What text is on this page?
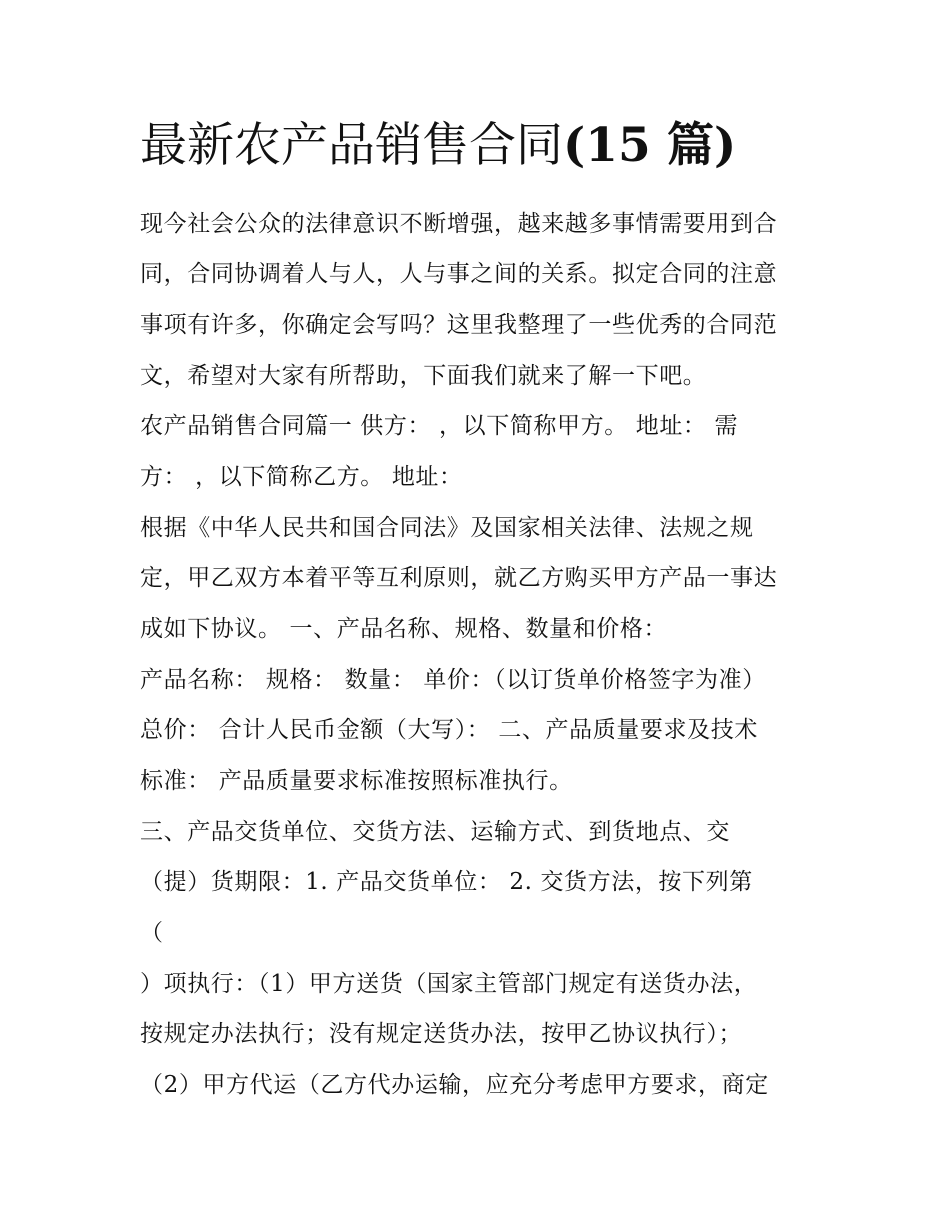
最新农产品销售合同(15 篇)
现今社会公众的法律意识不断增强，越来越多事情需要用到合
同，合同协调着人与人，人与事之间的关系。拟定合同的注意
事项有许多，你确定会写吗？这里我整理了一些优秀的合同范
文，希望对大家有所帮助，下面我们就来了解一下吧。
农产品销售合同篇一 供方： ，以下简称甲方。 地址： 需
方： ，以下简称乙方。 地址：
根据《中华人民共和国合同法》及国家相关法律、法规之规
定，甲乙双方本着平等互利原则，就乙方购买甲方产品一事达
成如下协议。 一、产品名称、规格、数量和价格：
产品名称： 规格： 数量： 单价：（以订货单价格签字为准）
总价： 合计人民币金额（大写）： 二、产品质量要求及技术
标准： 产品质量要求标准按照标准执行。
三、产品交货单位、交货方法、运输方式、到货地点、交
（提）货期限：1. 产品交货单位： 2. 交货方法，按下列第
（
）项执行：（1）甲方送货（国家主管部门规定有送货办法，
按规定办法执行；没有规定送货办法，按甲乙协议执行）；
（2）甲方代运（乙方代办运输，应充分考虑甲方要求，商定
